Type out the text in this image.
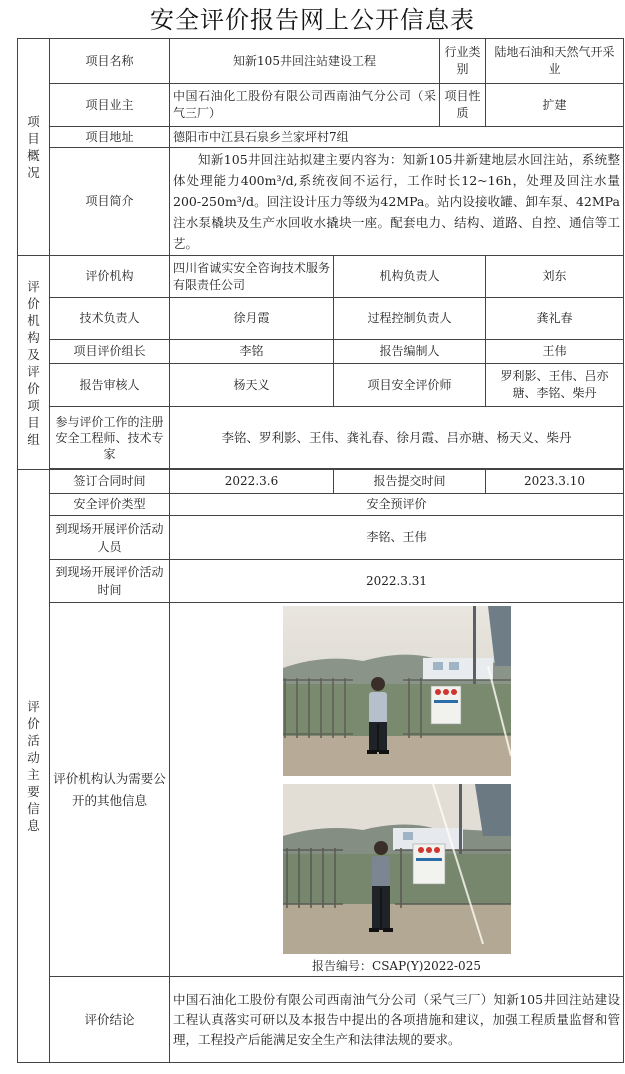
安全评价报告网上公开信息表
项目概况	项目名称	知新105井回注站建设工程		行业类别	陆地石油和天然气开采业
	项目业主	中国石油化工股份有限公司西南油气分公司（采气三厂）		项目性质	扩建
	项目地址	德阳市中江县石泉乡兰家坪村7组			
	项目简介	知新105井回注站拟建主要内容为：知新105井新建地层水回注站，系统整体处理能力400m³/d,系统夜间不运行，工作时长12~16h，处理及回注水量200-250m³/d。回注设计压力等级为42MPa。站内设接收罐、卸车泵、42MPa注水泵橇块及生产水回收水撬块一座。配套电力、结构、道路、自控、通信等工艺。			

评价机构及评价项目组	评价机构	四川省诚实安全咨询技术服务有限责任公司	机构负责人		刘东
	技术负责人	徐月霞	过程控制负责人		龚礼春
	项目评价组长	李铭	报告编制人		王伟
	报告审核人	杨天义	项目安全评价师		罗利影、王伟、吕亦瑭、李铭、柴丹
	参与评价工作的注册安全工程师、技术专家	李铭、罗利影、王伟、龚礼春、徐月霞、吕亦瑭、杨天义、柴丹			

评价活动主要信息	签订合同时间	2022.3.6	报告提交时间		2023.3.10
	安全评价类型	安全预评价			
	到现场开展评价活动人员	李铭、王伟			
	到现场开展评价活动时间	2022.3.31			
	评价机构认为需要公开的其他信息	报告编号：CSAP(Y)2022-025			

	评价结论	中国石油化工股份有限公司西南油气分公司（采气三厂）知新105井回注站建设工程认真落实可研以及本报告中提出的各项措施和建议，加强工程质量监督和管理，工程投产后能满足安全生产和法律法规的要求。			
